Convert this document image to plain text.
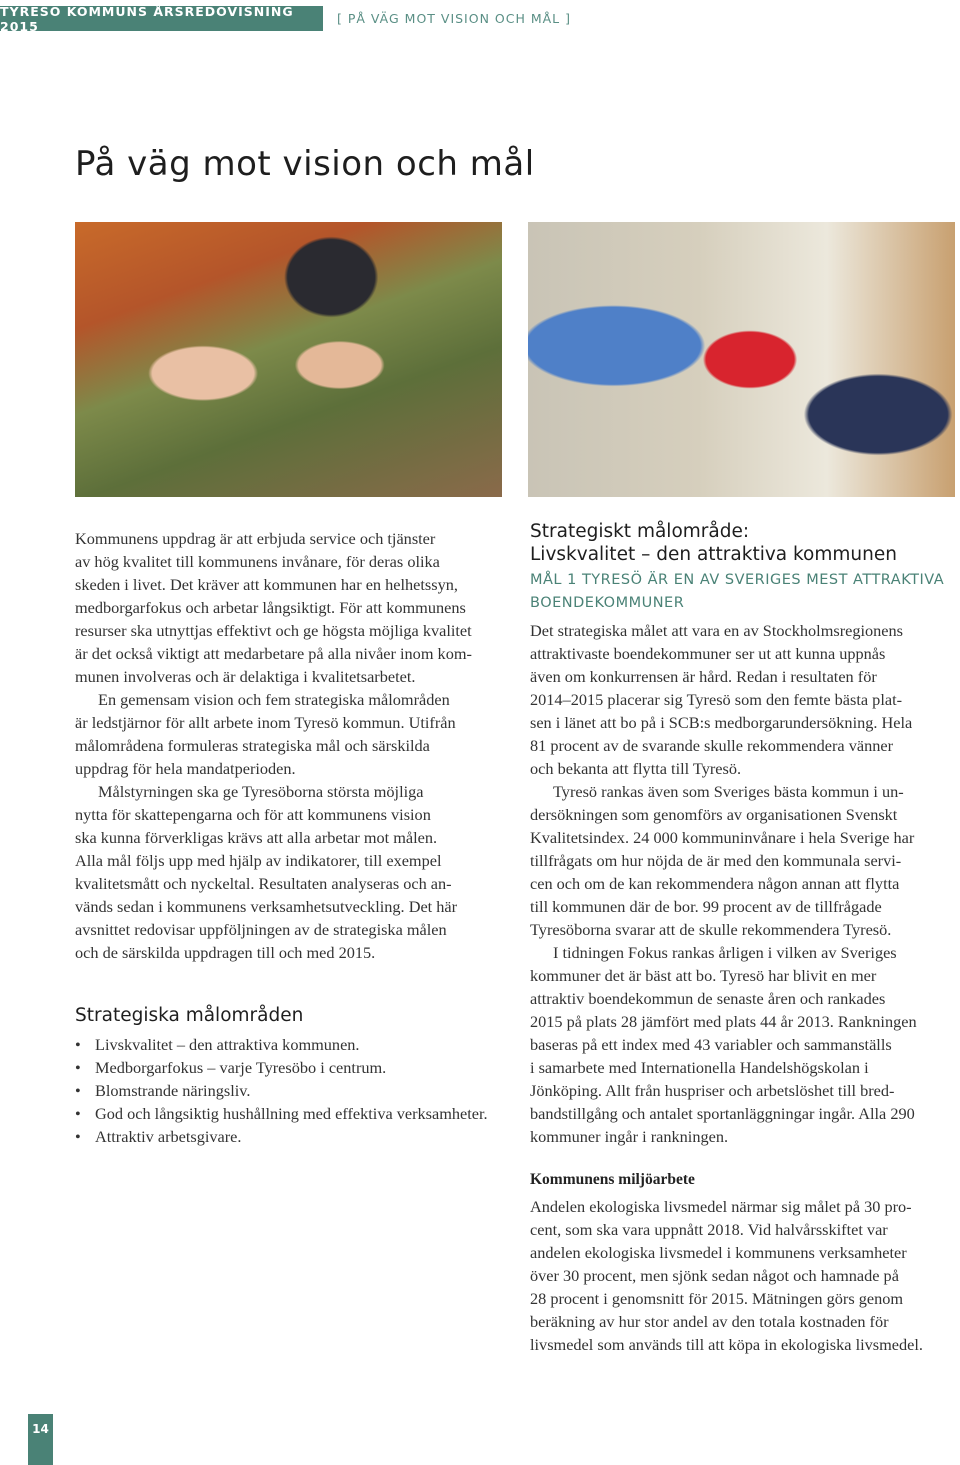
TYRESÖ KOMMUNS ÅRSREDOVISNING 2015	[ PÅ VÄG MOT VISION OCH MÅL ]
På väg mot vision och mål
Kommunens uppdrag är att erbjuda service och tjänster
av hög kvalitet till kommunens invånare, för deras olika
skeden i livet. Det kräver att kommunen har en helhetssyn,
medborgarfokus och arbetar långsiktigt. För att kommunens
resurser ska utnyttjas effektivt och ge högsta möjliga kvalitet
är det också viktigt att medarbetare på alla nivåer inom kom-
munen involveras och är delaktiga i kvalitetsarbetet.
En gemensam vision och fem strategiska målområden
är ledstjärnor för allt arbete inom Tyresö kommun. Utifrån
målområdena formuleras strategiska mål och särskilda
uppdrag för hela mandatperioden.
Målstyrningen ska ge Tyresöborna största möjliga
nytta för skattepengarna och för att kommunens vision
ska kunna förverkligas krävs att alla arbetar mot målen.
Alla mål följs upp med hjälp av indikatorer, till exempel
kvalitetsmått och nyckeltal. Resultaten analyseras och an-
vänds sedan i kommunens verksamhetsutveckling. Det här
avsnittet redovisar uppföljningen av de strategiska målen
och de särskilda uppdragen till och med 2015.
Strategiska målområden
• Livskvalitet – den attraktiva kommunen.
• Medborgarfokus – varje Tyresöbo i centrum.
• Blomstrande näringsliv.
• God och långsiktig hushållning med effektiva verksamheter.
• Attraktiv arbetsgivare.
Strategiskt målområde:
Livskvalitet – den attraktiva kommunen
MÅL 1 TYRESÖ ÄR EN AV SVERIGES MEST ATTRAKTIVA
BOENDEKOMMUNER
Det strategiska målet att vara en av Stockholmsregionens
attraktivaste boendekommuner ser ut att kunna uppnås
även om konkurrensen är hård. Redan i resultaten för
2014–2015 placerar sig Tyresö som den femte bästa plat-
sen i länet att bo på i SCB:s medborgarundersökning. Hela
81 procent av de svarande skulle rekommendera vänner
och bekanta att flytta till Tyresö.
Tyresö rankas även som Sveriges bästa kommun i un-
dersökningen som genomförs av organisationen Svenskt
Kvalitetsindex. 24 000 kommuninvånare i hela Sverige har
tillfrågats om hur nöjda de är med den kommunala servi-
cen och om de kan rekommendera någon annan att flytta
till kommunen där de bor. 99 procent av de tillfrågade
Tyresöborna svarar att de skulle rekommendera Tyresö.
I tidningen Fokus rankas årligen i vilken av Sveriges
kommuner det är bäst att bo. Tyresö har blivit en mer
attraktiv boendekommun de senaste åren och rankades
2015 på plats 28 jämfört med plats 44 år 2013. Rankningen
baseras på ett index med 43 variabler och sammanställs
i samarbete med Internationella Handelshögskolan i
Jönköping. Allt från huspriser och arbetslöshet till bred-
bandstillgång och antalet sportanläggningar ingår. Alla 290
kommuner ingår i rankningen.
Kommunens miljöarbete
Andelen ekologiska livsmedel närmar sig målet på 30 pro-
cent, som ska vara uppnått 2018. Vid halvårsskiftet var
andelen ekologiska livsmedel i kommunens verksamheter
över 30 procent, men sjönk sedan något och hamnade på
28 procent i genomsnitt för 2015. Mätningen görs genom
beräkning av hur stor andel av den totala kostnaden för
livsmedel som används till att köpa in ekologiska livsmedel.
14
